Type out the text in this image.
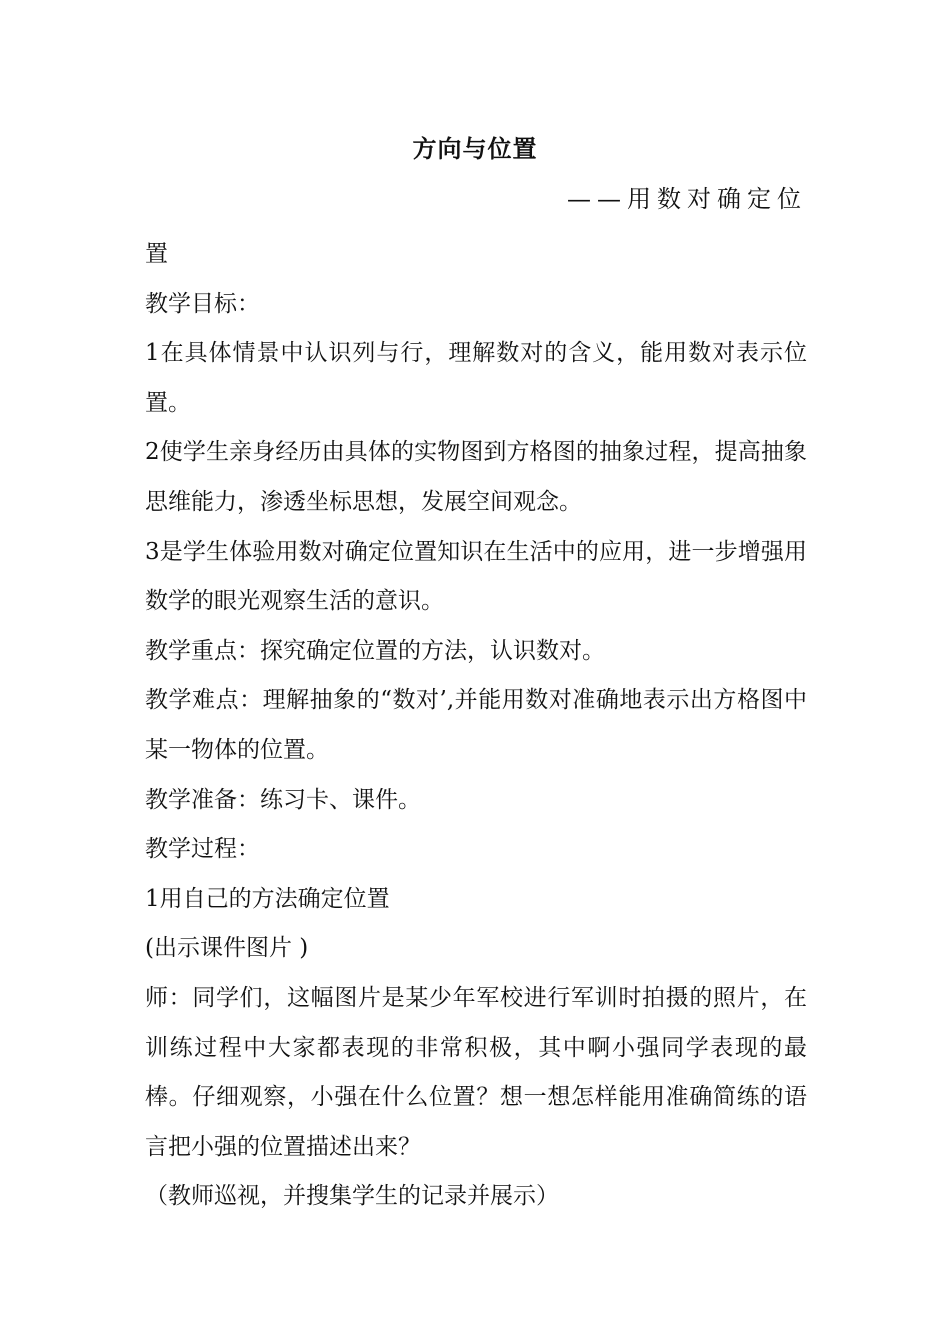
方向与位置
——用数对确定位

置

教学目标：

1在具体情景中认识列与行，理解数对的含义，能用数对表示位置。

2使学生亲身经历由具体的实物图到方格图的抽象过程，提高抽象思维能力，渗透坐标思想，发展空间观念。

3是学生体验用数对确定位置知识在生活中的应用，进一步增强用数学的眼光观察生活的意识。

教学重点：探究确定位置的方法，认识数对。

教学难点：理解抽象的“数对’,并能用数对准确地表示出方格图中某一物体的位置。

教学准备：练习卡、课件。

教学过程：

1用自己的方法确定位置

(出示课件图片 )

师：同学们，这幅图片是某少年军校进行军训时拍摄的照片，在训练过程中大家都表现的非常积极，其中啊小强同学表现的最棒。仔细观察，小强在什么位置？想一想怎样能用准确简练的语言把小强的位置描述出来？

（教师巡视，并搜集学生的记录并展示）
